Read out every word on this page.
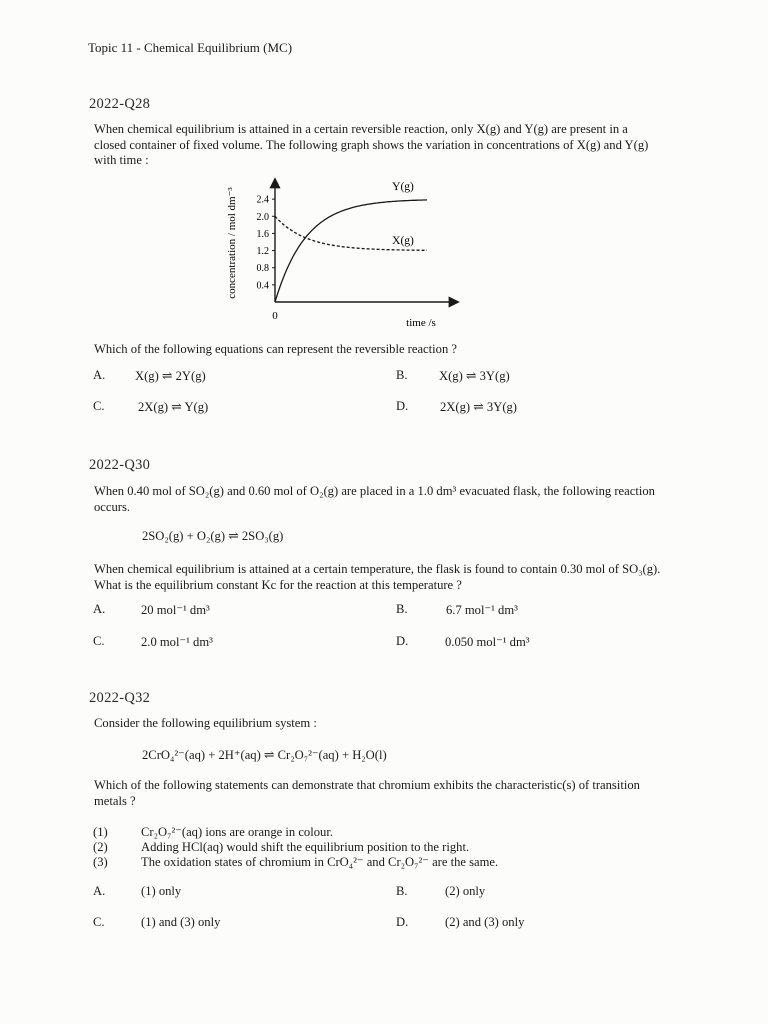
Topic 11 - Chemical Equilibrium (MC)
2022-Q28
When chemical equilibrium is attained in a certain reversible reaction, only X(g) and Y(g) are present in a closed container of fixed volume. The following graph shows the variation in concentrations of X(g) and Y(g) with time :
2.4
2.0
1.6
1.2
0.8
0.4
concentration / mol dm⁻³
time /s
0
Y(g)
X(g)
Which of the following equations can represent the reversible reaction ?
A. X(g) ⇌ 2Y(g)	B. X(g) ⇌ 3Y(g)
C.	2X(g) ⇌ Y(g)	D.	2X(g) ⇌ 3Y(g)
2022-Q30
When 0.40 mol of SO₂(g) and 0.60 mol of O₂(g) are placed in a 1.0 dm³ evacuated flask, the following reaction occurs.
2SO₂(g) + O₂(g) ⇌ 2SO₃(g)
When chemical equilibrium is attained at a certain temperature, the flask is found to contain 0.30 mol of SO₃(g). What is the equilibrium constant Kc for the reaction at this temperature ?
A.	20 mol⁻¹ dm³	B.	6.7 mol⁻¹ dm³
C.	2.0 mol⁻¹ dm³	D.	0.050 mol⁻¹ dm³
2022-Q32
Consider the following equilibrium system :
2CrO₄²⁻(aq) + 2H⁺(aq) ⇌ Cr₂O₇²⁻(aq) + H₂O(l)
Which of the following statements can demonstrate that chromium exhibits the characteristic(s) of transition metals ?
(1)	Cr₂O₇²⁻(aq) ions are orange in colour.
(2)	Adding HCl(aq) would shift the equilibrium position to the right.
(3)	The oxidation states of chromium in CrO₄²⁻ and Cr₂O₇²⁻ are the same.
A.	(1) only	B.	(2) only
C.	(1) and (3) only	D.	(2) and (3) only
